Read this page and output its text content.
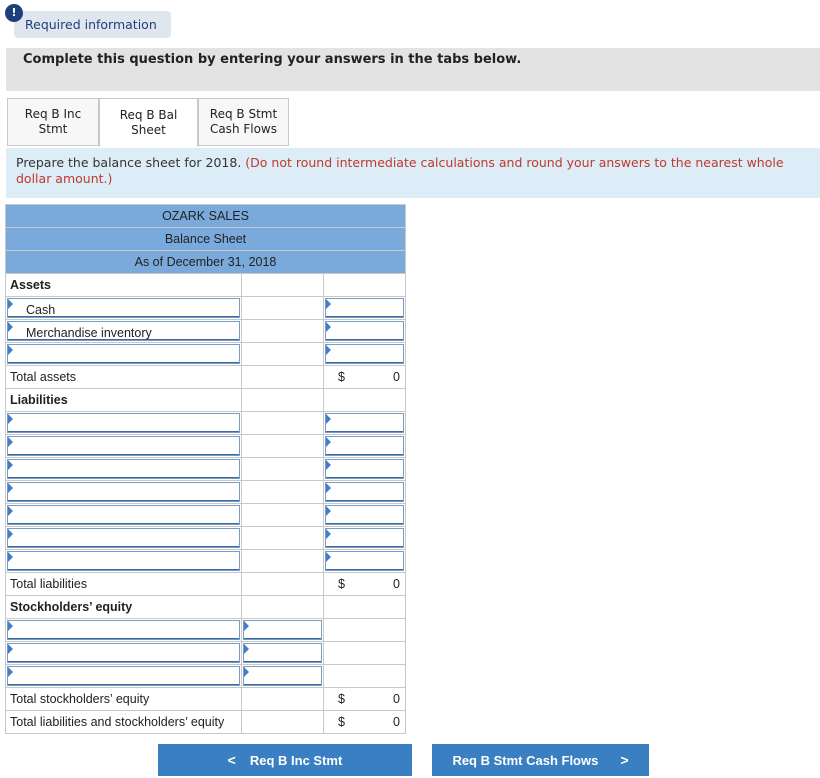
!
Required information
Complete this question by entering your answers in the tabs below.
Req B Inc
Stmt
Req B Bal
Sheet
Req B Stmt
Cash Flows
Prepare the balance sheet for 2018. (Do not round intermediate calculations and round your answers to the nearest whole dollar amount.)
OZARK SALES		
Balance Sheet		
As of December 31, 2018		
Assets		

Cash		

Merchandise inventory		

Total assets		$ 0

Liabilities		

Total liabilities		$ 0

Stockholders’ equity		

Total stockholders’ equity		$ 0

Total liabilities and stockholders’ equity		$ 0
< Req B Inc Stmt	Req B Stmt Cash Flows >
